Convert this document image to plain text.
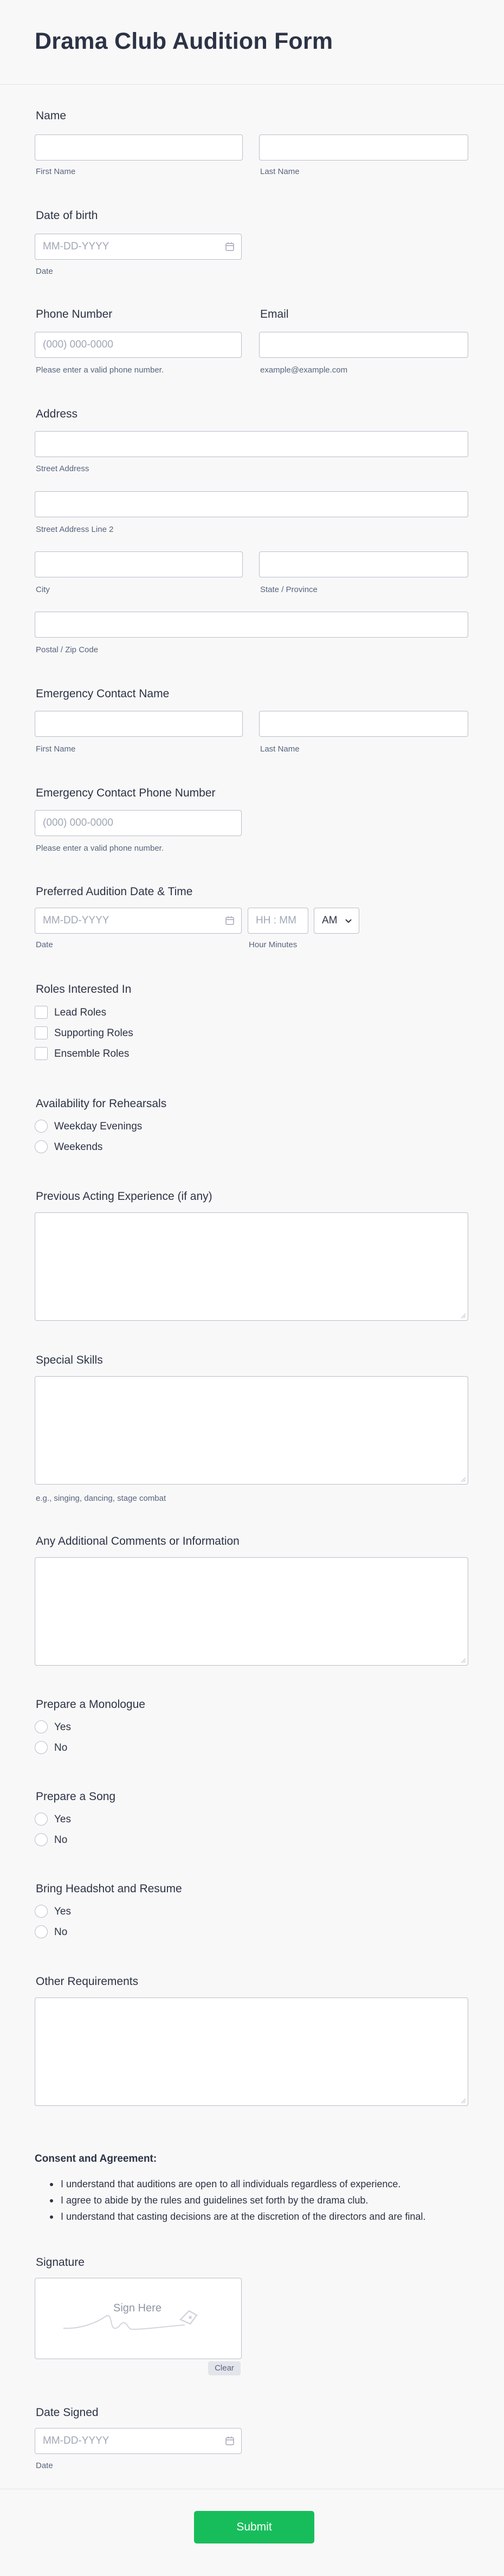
Drama Club Audition Form
Name
First Name	Last Name
Date of birth
MM-DD-YYYY
Date
Phone Number	Email
(000) 000-0000
Please enter a valid phone number.	example@example.com
Address
Street Address
Street Address Line 2
City	State / Province
Postal / Zip Code
Emergency Contact Name
First Name	Last Name
Emergency Contact Phone Number
(000) 000-0000
Please enter a valid phone number.
Preferred Audition Date & Time
MM-DD-YYYY	HH : MM AM
Date	Hour Minutes
Roles Interested In
Lead Roles
Supporting Roles
Ensemble Roles
Availability for Rehearsals
Weekday Evenings
Weekends
Previous Acting Experience (if any)
Special Skills
e.g., singing, dancing, stage combat
Any Additional Comments or Information
Prepare a Monologue
Yes
No
Prepare a Song
Yes
No
Bring Headshot and Resume
Yes
No
Other Requirements
Consent and Agreement:
I understand that auditions are open to all individuals regardless of experience.
I agree to abide by the rules and guidelines set forth by the drama club.
I understand that casting decisions are at the discretion of the directors and are final.
Signature
Sign Here
Clear
Date Signed
MM-DD-YYYY
Date
Submit
